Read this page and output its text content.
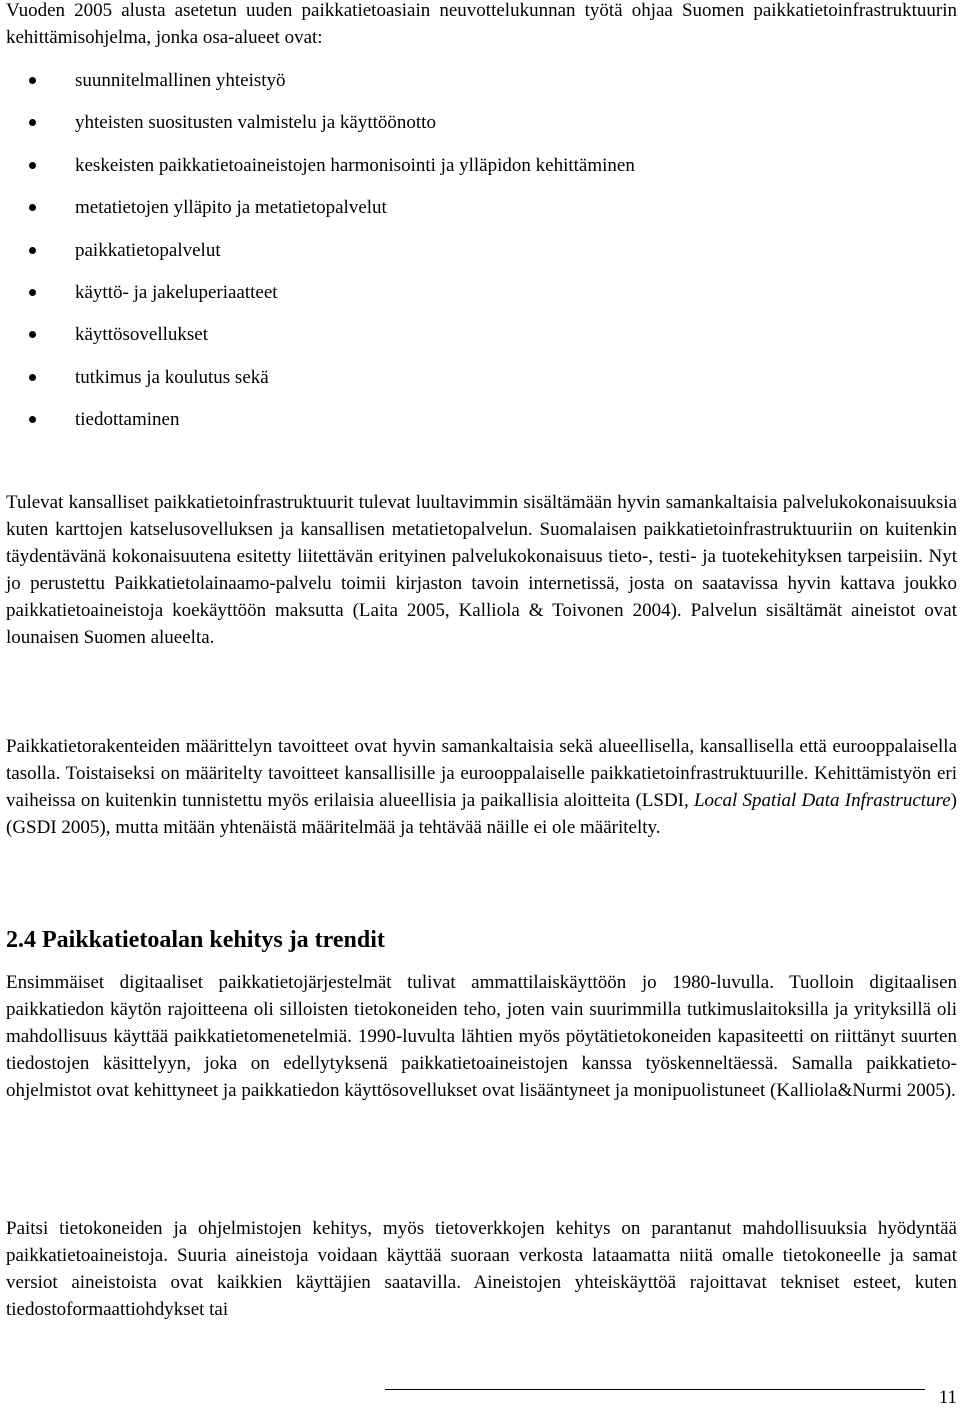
Vuoden 2005 alusta asetetun uuden paikkatietoasiain neuvottelukunnan työtä ohjaa Suomen paikkatietoinfrastruktuurin kehittämisohjelma, jonka osa-alueet ovat:

suunnitelmallinen yhteistyö
yhteisten suositusten valmistelu ja käyttöönotto
keskeisten paikkatietoaineistojen harmonisointi ja ylläpidon kehittäminen
metatietojen ylläpito ja metatietopalvelut
paikkatietopalvelut
käyttö- ja jakeluperiaatteet
käyttösovellukset
tutkimus ja koulutus sekä
tiedottaminen

Tulevat kansalliset paikkatietoinfrastruktuurit tulevat luultavimmin sisältämään hyvin samankaltaisia palvelukokonaisuuksia kuten karttojen katselusovelluksen ja kansallisen metatietopalvelun. Suomalaisen paikkatietoinfrastruktuuriin on kuitenkin täydentävänä kokonaisuutena esitetty liitettävän erityinen palvelukokonaisuus tieto-, testi- ja tuotekehityksen tarpeisiin. Nyt jo perustettu Paikkatietolainaamo-palvelu toimii kirjaston tavoin internetissä, josta on saatavissa hyvin kattava joukko paikkatietoaineistoja koekäyttöön maksutta (Laita 2005, Kalliola & Toivonen 2004). Palvelun sisältämät aineistot ovat lounaisen Suomen alueelta.

Paikkatietorakenteiden määrittelyn tavoitteet ovat hyvin samankaltaisia sekä alueellisella, kansallisella että eurooppalaisella tasolla. Toistaiseksi on määritelty tavoitteet kansallisille ja eurooppalaiselle paikkatietoinfrastruktuurille. Kehittämistyön eri vaiheissa on kuitenkin tunnistettu myös erilaisia alueellisia ja paikallisia aloitteita (LSDI, Local Spatial Data Infrastructure) (GSDI 2005), mutta mitään yhtenäistä määritelmää ja tehtävää näille ei ole määritelty.

2.4 Paikkatietoalan kehitys ja trendit

Ensimmäiset digitaaliset paikkatietojärjestelmät tulivat ammattilaiskäyttöön jo 1980-luvulla. Tuolloin digitaalisen paikkatiedon käytön rajoitteena oli silloisten tietokoneiden teho, joten vain suurimmilla tutkimuslaitoksilla ja yrityksillä oli mahdollisuus käyttää paikkatietomenetelmiä. 1990-luvulta lähtien myös pöytätietokoneiden kapasiteetti on riittänyt suurten tiedostojen käsittelyyn, joka on edellytyksenä paikkatietoaineistojen kanssa työskenneltäessä. Samalla paikkatieto-ohjelmistot ovat kehittyneet ja paikkatiedon käyttösovellukset ovat lisääntyneet ja monipuolistuneet (Kalliola&Nurmi 2005).

Paitsi tietokoneiden ja ohjelmistojen kehitys, myös tietoverkkojen kehitys on parantanut mahdollisuuksia hyödyntää paikkatietoaineistoja. Suuria aineistoja voidaan käyttää suoraan verkosta lataamatta niitä omalle tietokoneelle ja samat versiot aineistoista ovat kaikkien käyttäjien saatavilla. Aineistojen yhteiskäyttöä rajoittavat tekniset esteet, kuten tiedostoformaattiohdykset tai

11
